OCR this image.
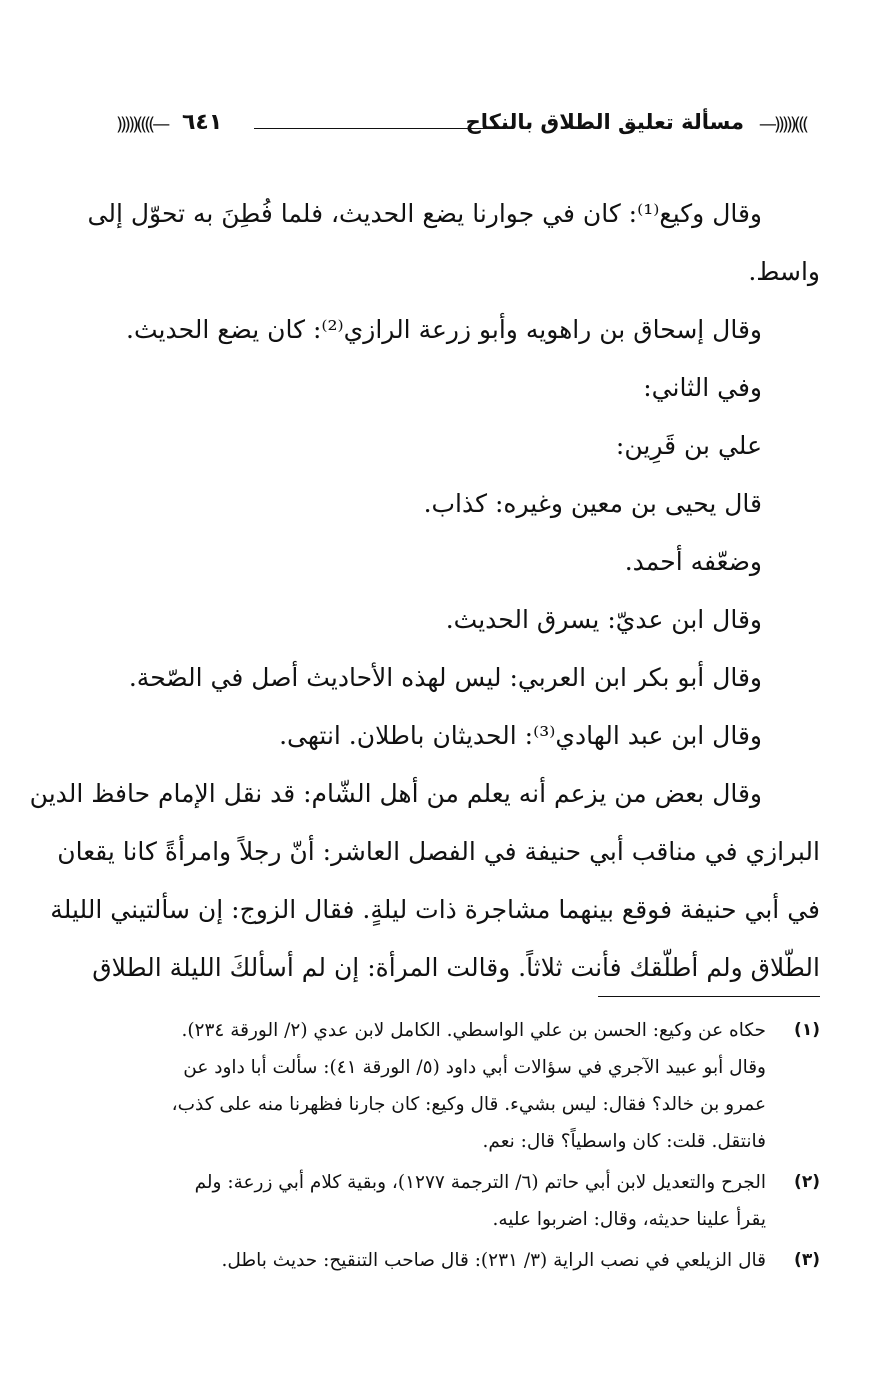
—)))))(((
مسألة تعليق الطلاق بالنكاح
٦٤١
)))))((((—
وقال وكيع⁽¹⁾: كان في جوارنا يضع الحديث، فلما فُطِنَ به تحوّل إلى
واسط.
وقال إسحاق بن راهويه وأبو زرعة الرازي⁽²⁾: كان يضع الحديث.
وفي الثاني:
علي بن قَرِين:
قال يحيى بن معين وغيره: كذاب.
وضعّفه أحمد.
وقال ابن عديّ: يسرق الحديث.
وقال أبو بكر ابن العربي: ليس لهذه الأحاديث أصل في الصّحة.
وقال ابن عبد الهادي⁽³⁾: الحديثان باطلان. انتهى.
وقال بعض من يزعم أنه يعلم من أهل الشّام: قد نقل الإمام حافظ الدين
البرازي في مناقب أبي حنيفة في الفصل العاشر: أنّ رجلاً وامرأةً كانا يقعان
في أبي حنيفة فوقع بينهما مشاجرة ذات ليلةٍ. فقال الزوج: إن سألتيني الليلة
الطّلاق ولم أطلّقك فأنت ثلاثاً. وقالت المرأة: إن لم أسألكَ الليلة الطلاق
(١)
حكاه عن وكيع: الحسن بن علي الواسطي. الكامل لابن عدي (٢/ الورقة ٢٣٤).
وقال أبو عبيد الآجري في سؤالات أبي داود (٥/ الورقة ٤١): سألت أبا داود عن
عمرو بن خالد؟ فقال: ليس بشيء. قال وكيع: كان جارنا فظهرنا منه على كذب،
فانتقل. قلت: كان واسطياً؟ قال: نعم.
(٢)
الجرح والتعديل لابن أبي حاتم (٦/ الترجمة ١٢٧٧)، وبقية كلام أبي زرعة: ولم
يقرأ علينا حديثه، وقال: اضربوا عليه.
(٣)
قال الزيلعي في نصب الراية (٣/ ٢٣١): قال صاحب التنقيح: حديث باطل.
